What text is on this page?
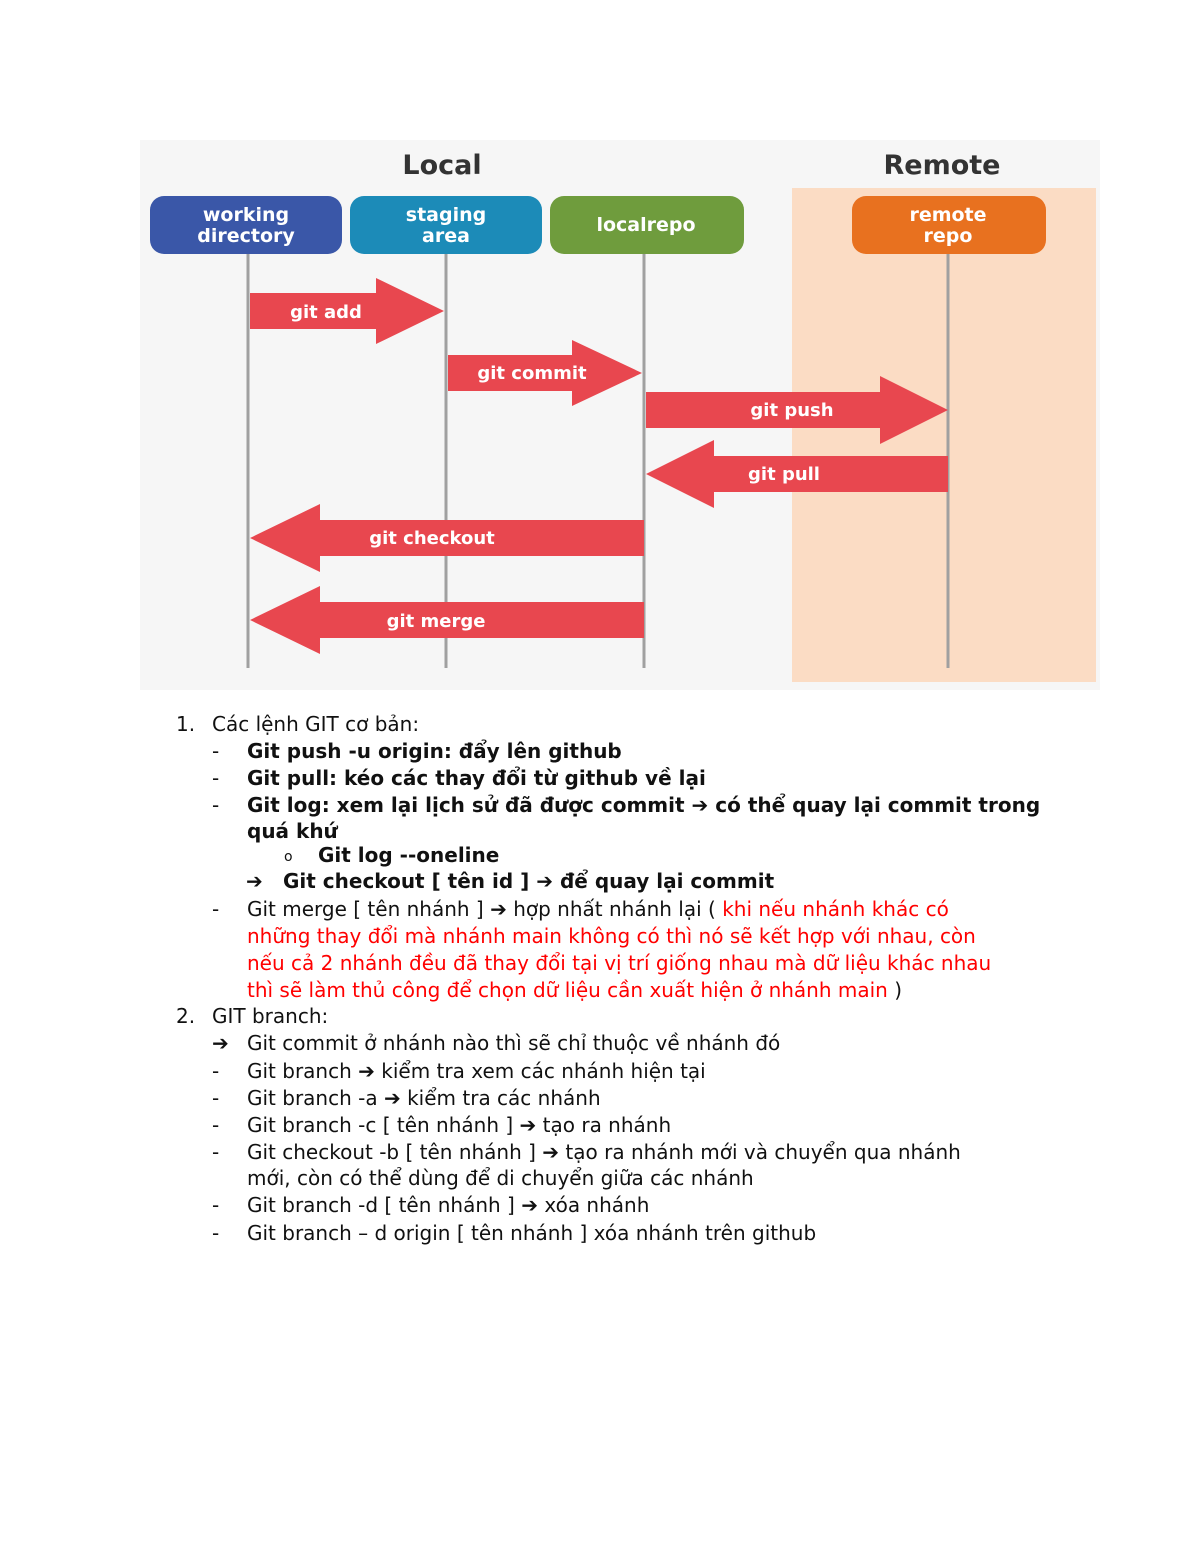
Local	Remote
working
directory
staging
area	localrepo	remote
repo
git add
git commit
git push
git pull
git checkout
git merge
1. Các lệnh GIT cơ bản:
- Git push -u origin: đẩy lên github
- Git pull: kéo các thay đổi từ github về lại
- Git log: xem lại lịch sử đã được commit ➔ có thể quay lại commit trong
quá khứ
o Git log --oneline
➔ Git checkout [ tên id ] ➔ để quay lại commit
- Git merge [ tên nhánh ] ➔ hợp nhất nhánh lại ( khi nếu nhánh khác có
những thay đổi mà nhánh main không có thì nó sẽ kết hợp với nhau, còn
nếu cả 2 nhánh đều đã thay đổi tại vị trí giống nhau mà dữ liệu khác nhau
thì sẽ làm thủ công để chọn dữ liệu cần xuất hiện ở nhánh main )
2. GIT branch:
➔ Git commit ở nhánh nào thì sẽ chỉ thuộc về nhánh đó
- Git branch ➔ kiểm tra xem các nhánh hiện tại
- Git branch -a ➔ kiểm tra các nhánh
- Git branch -c [ tên nhánh ] ➔ tạo ra nhánh
- Git checkout -b [ tên nhánh ] ➔ tạo ra nhánh mới và chuyển qua nhánh
mới, còn có thể dùng để di chuyển giữa các nhánh
- Git branch -d [ tên nhánh ] ➔ xóa nhánh
- Git branch – d origin [ tên nhánh ] xóa nhánh trên github
